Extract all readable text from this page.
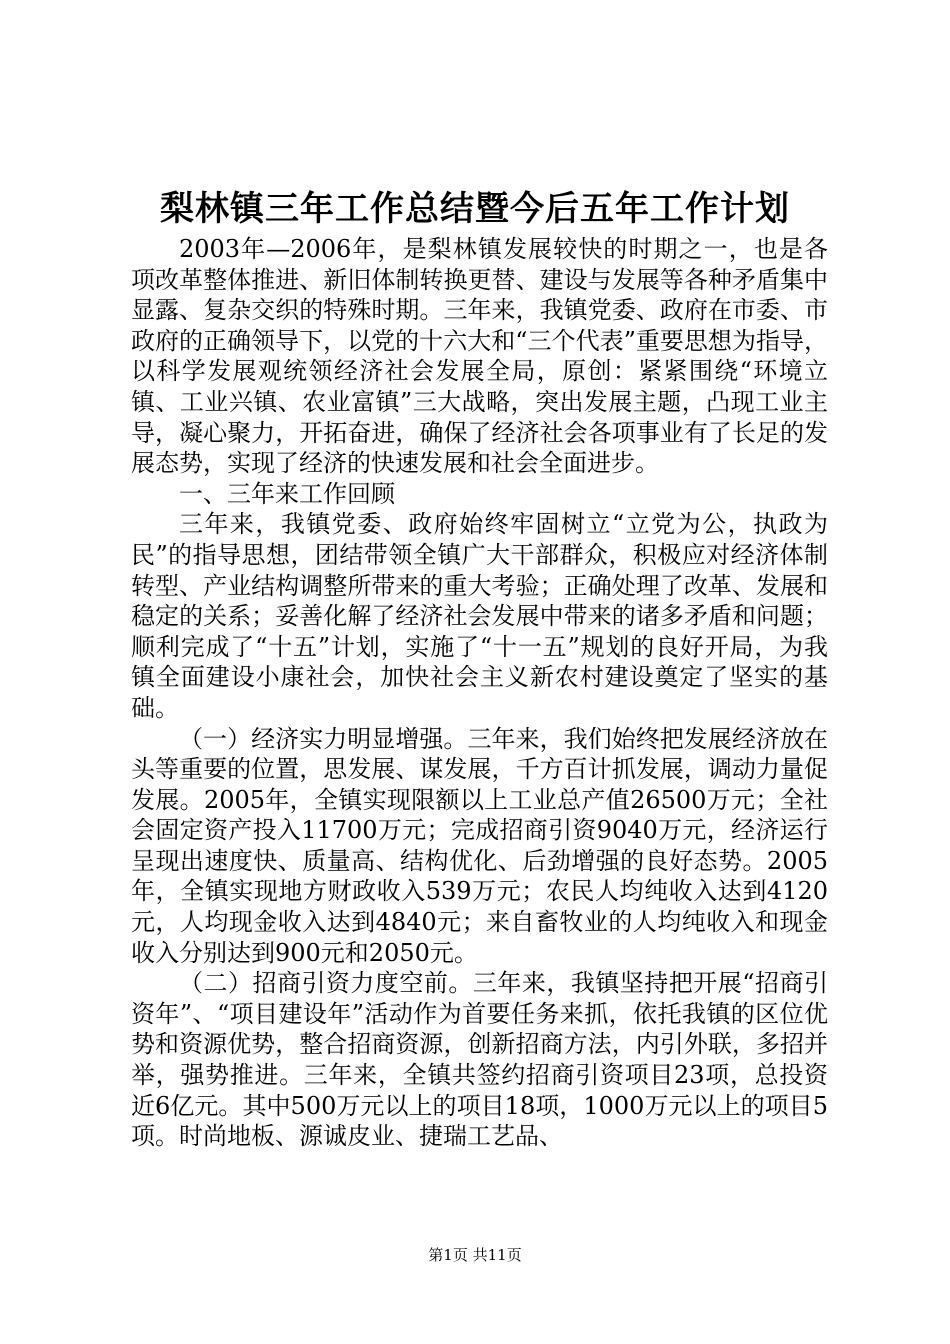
梨林镇三年工作总结暨今后五年工作计划

2003年—2006年，是梨林镇发展较快的时期之一，也是各项改革整体推进、新旧体制转换更替、建设与发展等各种矛盾集中显露、复杂交织的特殊时期。三年来，我镇党委、政府在市委、市政府的正确领导下，以党的十六大和“三个代表”重要思想为指导，以科学发展观统领经济社会发展全局，原创：紧紧围绕“环境立镇、工业兴镇、农业富镇”三大战略，突出发展主题，凸现工业主导，凝心聚力，开拓奋进，确保了经济社会各项事业有了长足的发展态势，实现了经济的快速发展和社会全面进步。

一、三年来工作回顾

三年来，我镇党委、政府始终牢固树立“立党为公，执政为民”的指导思想，团结带领全镇广大干部群众，积极应对经济体制转型、产业结构调整所带来的重大考验；正确处理了改革、发展和稳定的关系；妥善化解了经济社会发展中带来的诸多矛盾和问题；顺利完成了“十五”计划，实施了“十一五”规划的良好开局，为我镇全面建设小康社会，加快社会主义新农村建设奠定了坚实的基础。

（一）经济实力明显增强。三年来，我们始终把发展经济放在头等重要的位置，思发展、谋发展，千方百计抓发展，调动力量促发展。2005年，全镇实现限额以上工业总产值26500万元；全社会固定资产投入11700万元；完成招商引资9040万元，经济运行呈现出速度快、质量高、结构优化、后劲增强的良好态势。2005年，全镇实现地方财政收入539万元；农民人均纯收入达到4120元，人均现金收入达到4840元；来自畜牧业的人均纯收入和现金收入分别达到900元和2050元。

（二）招商引资力度空前。三年来，我镇坚持把开展“招商引资年”、“项目建设年”活动作为首要任务来抓，依托我镇的区位优势和资源优势，整合招商资源，创新招商方法，内引外联，多招并举，强势推进。三年来，全镇共签约招商引资项目23项，总投资近6亿元。其中500万元以上的项目18项，1000万元以上的项目5项。时尚地板、源诚皮业、捷瑞工艺品、

第1页 共11页
